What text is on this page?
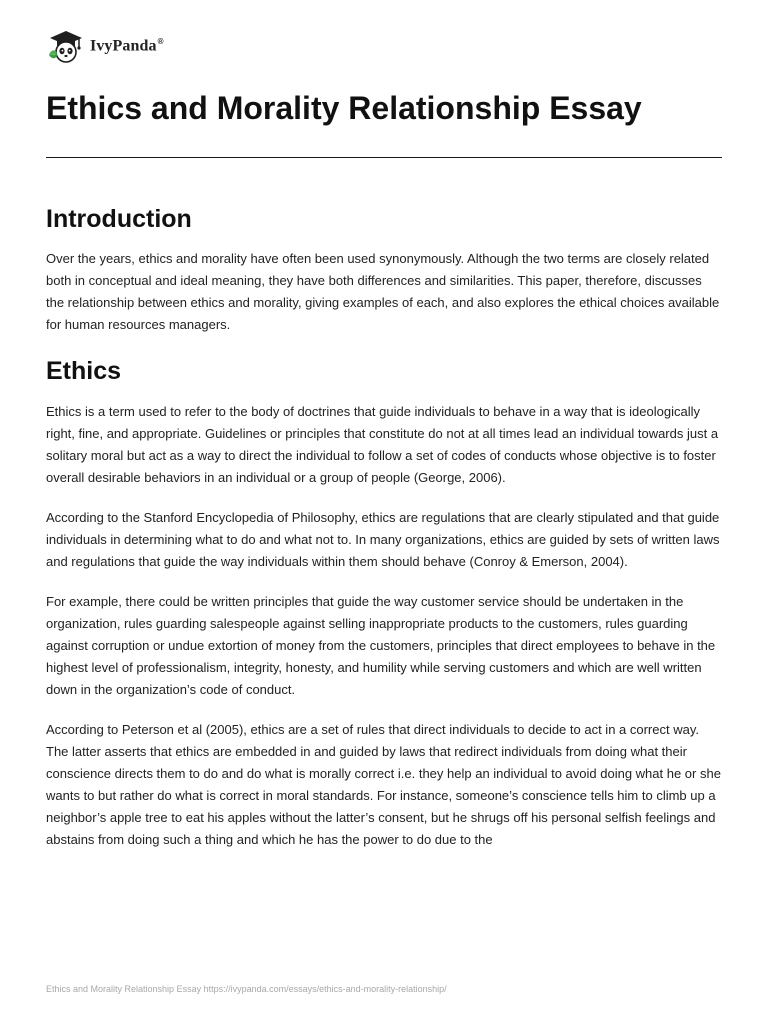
IvyPanda®
Ethics and Morality Relationship Essay
Introduction

Over the years, ethics and morality have often been used synonymously. Although the two terms are closely related both in conceptual and ideal meaning, they have both differences and similarities. This paper, therefore, discusses the relationship between ethics and morality, giving examples of each, and also explores the ethical choices available for human resources managers.

Ethics

Ethics is a term used to refer to the body of doctrines that guide individuals to behave in a way that is ideologically right, fine, and appropriate. Guidelines or principles that constitute do not at all times lead an individual towards just a solitary moral but act as a way to direct the individual to follow a set of codes of conducts whose objective is to foster overall desirable behaviors in an individual or a group of people (George, 2006).

According to the Stanford Encyclopedia of Philosophy, ethics are regulations that are clearly stipulated and that guide individuals in determining what to do and what not to. In many organizations, ethics are guided by sets of written laws and regulations that guide the way individuals within them should behave (Conroy & Emerson, 2004).

For example, there could be written principles that guide the way customer service should be undertaken in the organization, rules guarding salespeople against selling inappropriate products to the customers, rules guarding against corruption or undue extortion of money from the customers, principles that direct employees to behave in the highest level of professionalism, integrity, honesty, and humility while serving customers and which are well written down in the organization’s code of conduct.

According to Peterson et al (2005), ethics are a set of rules that direct individuals to decide to act in a correct way. The latter asserts that ethics are embedded in and guided by laws that redirect individuals from doing what their conscience directs them to do and do what is morally correct i.e. they help an individual to avoid doing what he or she wants to but rather do what is correct in moral standards. For instance, someone’s conscience tells him to climb up a neighbor’s apple tree to eat his apples without the latter’s consent, but he shrugs off his personal selfish feelings and abstains from doing such a thing and which he has the power to do due to the

Ethics and Morality Relationship Essay https://ivypanda.com/essays/ethics-and-morality-relationship/
